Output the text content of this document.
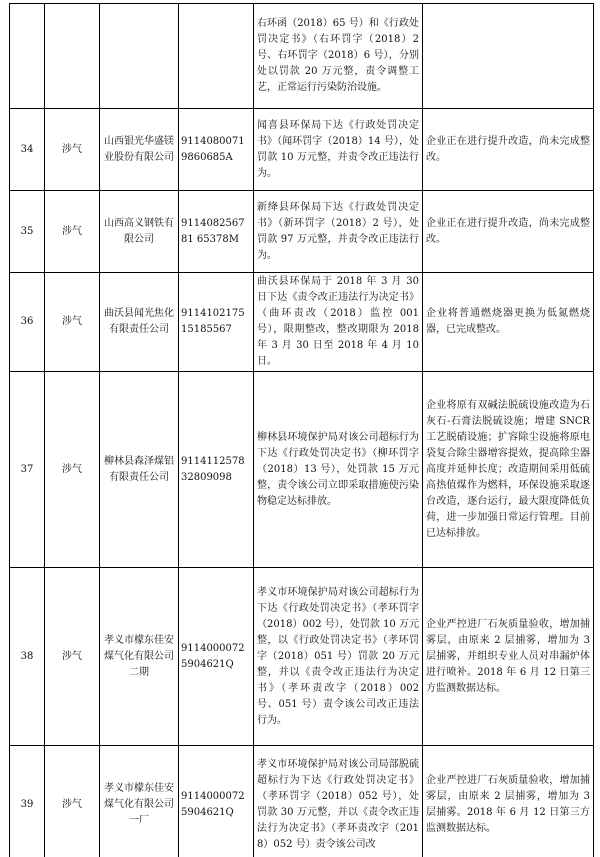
				右环函（2018）65 号）和《行政处罚决定书》（右环罚字（2018）2 号、右环罚字（2018）6 号），分别处以罚款 20 万元整，责令调整工艺，正常运行污染防治设施。	
34	涉气	山西银光华盛镁业股份有限公司	91140800719860685A	闻喜县环保局下达《行政处罚决定书》（闻环罚字（2018）14 号），处罚款 10 万元整，并责令改正违法行为。	企业正在进行提升改造，尚未完成整改。
35	涉气	山西高义钢铁有限公司	911408256781 65378M	新绛县环保局下达《行政处罚决定书》（新环罚字（2018）2 号），处罚款 97 万元整，并责令改正违法行为。	企业正在进行提升改造，尚未完成整改。
36	涉气	曲沃县闻光焦化有限责任公司	911410217515185567	曲沃县环保局于 2018 年 3 月 30 日下达《责令改正违法行为决定书》（曲环责改（2018）监控 001 号），限期整改，整改期限为 2018 年 3 月 30 日至 2018 年 4 月 10 日。	企业将普通燃烧器更换为低氮燃烧器，已完成整改。
37	涉气	柳林县森泽煤铝有限责任公司	911411257832809098	柳林县环境保护局对该公司超标行为下达《行政处罚决定书》（柳环罚字（2018）13 号），处罚款 15 万元整，责令该公司立即采取措施使污染物稳定达标排放。	企业将原有双碱法脱硫设施改造为石灰石-石膏法脱硫设施；增建 SNCR 工艺脱硝设施；扩容除尘设施将原电袋复合除尘器增容提效，提高除尘器高度并延伸长度；改造期间采用低硫高热值煤作为燃料，环保设施采取逐台改造，逐台运行，最大限度降低负荷，进一步加强日常运行管理。目前已达标排放。
38	涉气	孝义市檬东佳安煤气化有限公司二期	91140000725904621Q	孝义市环境保护局对该公司超标行为下达《行政处罚决定书》（孝环罚字（2018）002 号），处罚款 10 万元整，以《行政处罚决定书》（孝环罚字（2018）051 号）罚款 20 万元整，并以《责令改正违法行为决定书》（孝环责改字（2018）002 号、051 号）责令该公司改正违法行为。	企业严控进厂石灰质量验收，增加捕雾层，由原来 2 层捕雾，增加为 3 层捕雾，并组织专业人员对串漏炉体进行喷补。2018 年 6 月 12 日第三方监测数据达标。
39	涉气	孝义市檬东佳安煤气化有限公司一厂	91140000725904621Q	孝义市环境保护局对该公司局部脱硫超标行为下达《行政处罚决定书》（孝环罚字（2018）052 号），处罚款 30 万元整，并以《责令改正违法行为决定书》（孝环责改字（2018）052 号）责令该公司改	企业严控进厂石灰质量验收，增加捕雾层，由原来 2 层捕雾，增加为 3 层捕雾。2018 年 6 月 12 日第三方监测数据达标。
